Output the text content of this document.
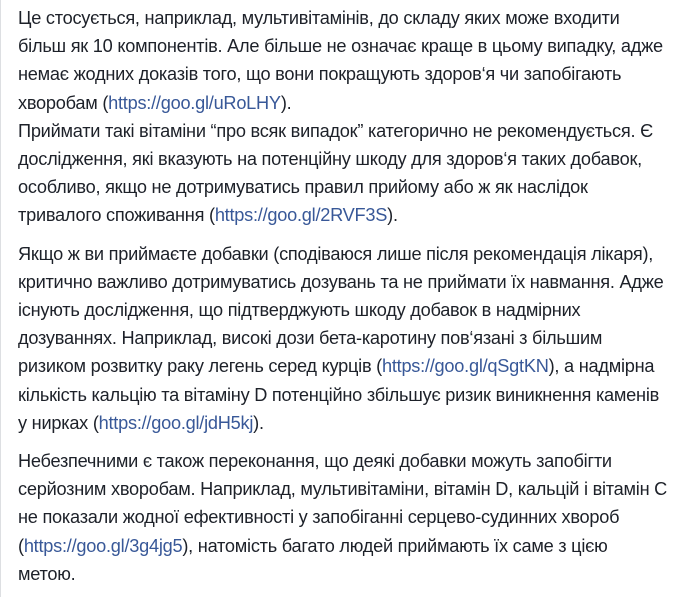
Це стосується, наприклад, мультивітамінів, до складу яких може входити більш як 10 компонентів. Але більше не означає краще в цьому випадку, адже немає жодних доказів того, що вони покращують здоров‘я чи запобігають хворобам (https://goo.gl/uRoLHY).

Приймати такі вітаміни “про всяк випадок” категорично не рекомендується. Є дослідження, які вказують на потенційну шкоду для здоров‘я таких добавок, особливо, якщо не дотримуватись правил прийому або ж як наслідок тривалого споживання (https://goo.gl/2RVF3S).

Якщо ж ви приймаєте добавки (сподіваюся лише після рекомендація лікаря), критично важливо дотримуватись дозувань та не приймати їх навмання. Адже існують дослідження, що підтверджують шкоду добавок в надмірних дозуваннях. Наприклад, високі дози бета-каротину пов‘язані з більшим ризиком розвитку раку легень серед курців (https://goo.gl/qSgtKN), а надмірна кількість кальцію та вітаміну D потенційно збільшує ризик виникнення каменів у нирках (https://goo.gl/jdH5kj).

Небезпечними є також переконання, що деякі добавки можуть запобігти серйозним хворобам. Наприклад, мультивітаміни, вітамін D, кальцій і вітамін С не показали жодної ефективності у запобіганні серцево-судинних хвороб (https://goo.gl/3g4jg5), натомість багато людей приймають їх саме з цією метою.
